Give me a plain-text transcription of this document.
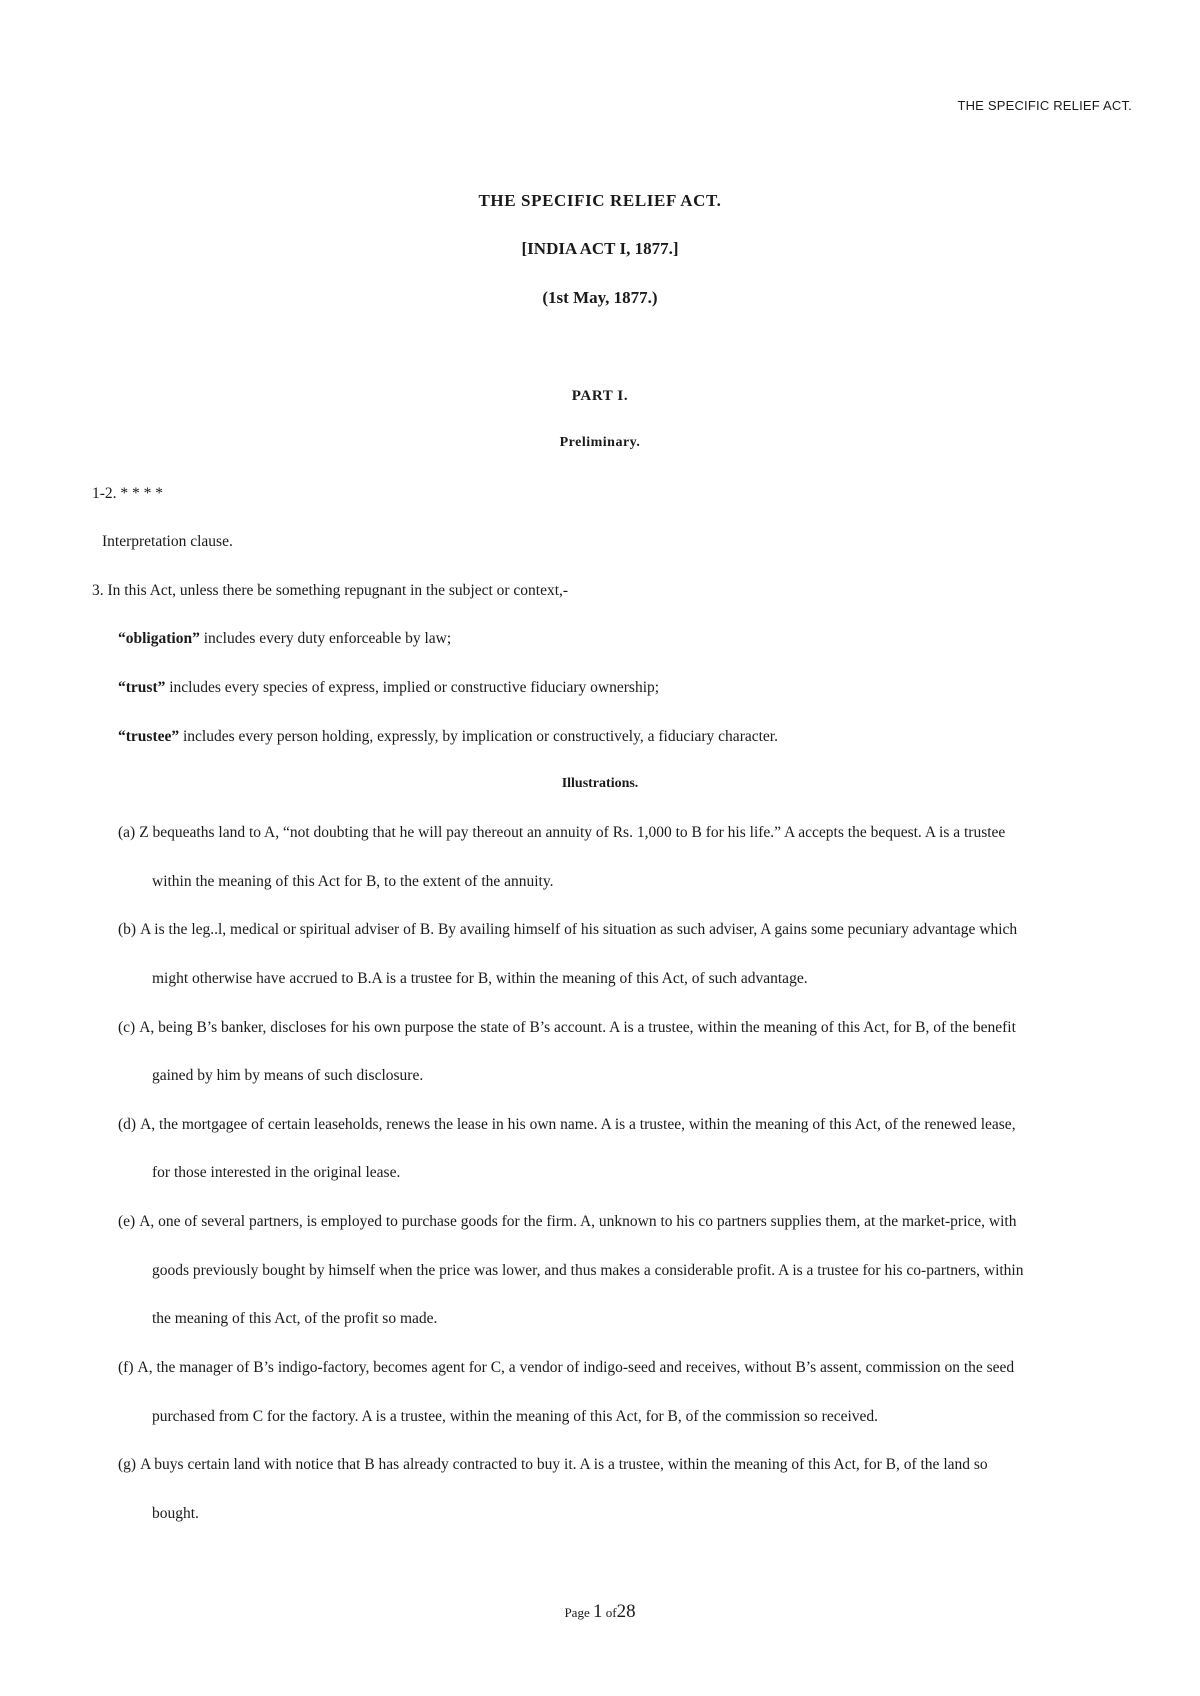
THE SPECIFIC RELIEF ACT.
THE SPECIFIC RELIEF ACT.
[INDIA ACT I, 1877.]
(1st May, 1877.)
PART I.
Preliminary.
1-2. * * * *
Interpretation clause.
3. In this Act, unless there be something repugnant in the subject or context,-
“obligation” includes every duty enforceable by law;
“trust” includes every species of express, implied or constructive fiduciary ownership;
“trustee” includes every person holding, expressly, by implication or constructively, a fiduciary character.
Illustrations.
(a) Z bequeaths land to A, “not doubting that he will pay thereout an annuity of Rs. 1,000 to B for his life.” A accepts the bequest. A is a trustee
within the meaning of this Act for B, to the extent of the annuity.
(b) A is the leg..l, medical or spiritual adviser of B. By availing himself of his situation as such adviser, A gains some pecuniary advantage which
might otherwise have accrued to B.A is a trustee for B, within the meaning of this Act, of such advantage.
(c) A, being B’s banker, discloses for his own purpose the state of B’s account. A is a trustee, within the meaning of this Act, for B, of the benefit
gained by him by means of such disclosure.
(d) A, the mortgagee of certain leaseholds, renews the lease in his own name. A is a trustee, within the meaning of this Act, of the renewed lease,
for those interested in the original lease.
(e) A, one of several partners, is employed to purchase goods for the firm. A, unknown to his co partners supplies them, at the market-price, with
goods previously bought by himself when the price was lower, and thus makes a considerable profit. A is a trustee for his co-partners, within
the meaning of this Act, of the profit so made.
(f) A, the manager of B’s indigo-factory, becomes agent for C, a vendor of indigo-seed and receives, without B’s assent, commission on the seed
purchased from C for the factory. A is a trustee, within the meaning of this Act, for B, of the commission so received.
(g) A buys certain land with notice that B has already contracted to buy it. A is a trustee, within the meaning of this Act, for B, of the land so
bought.
Page 1 of28
